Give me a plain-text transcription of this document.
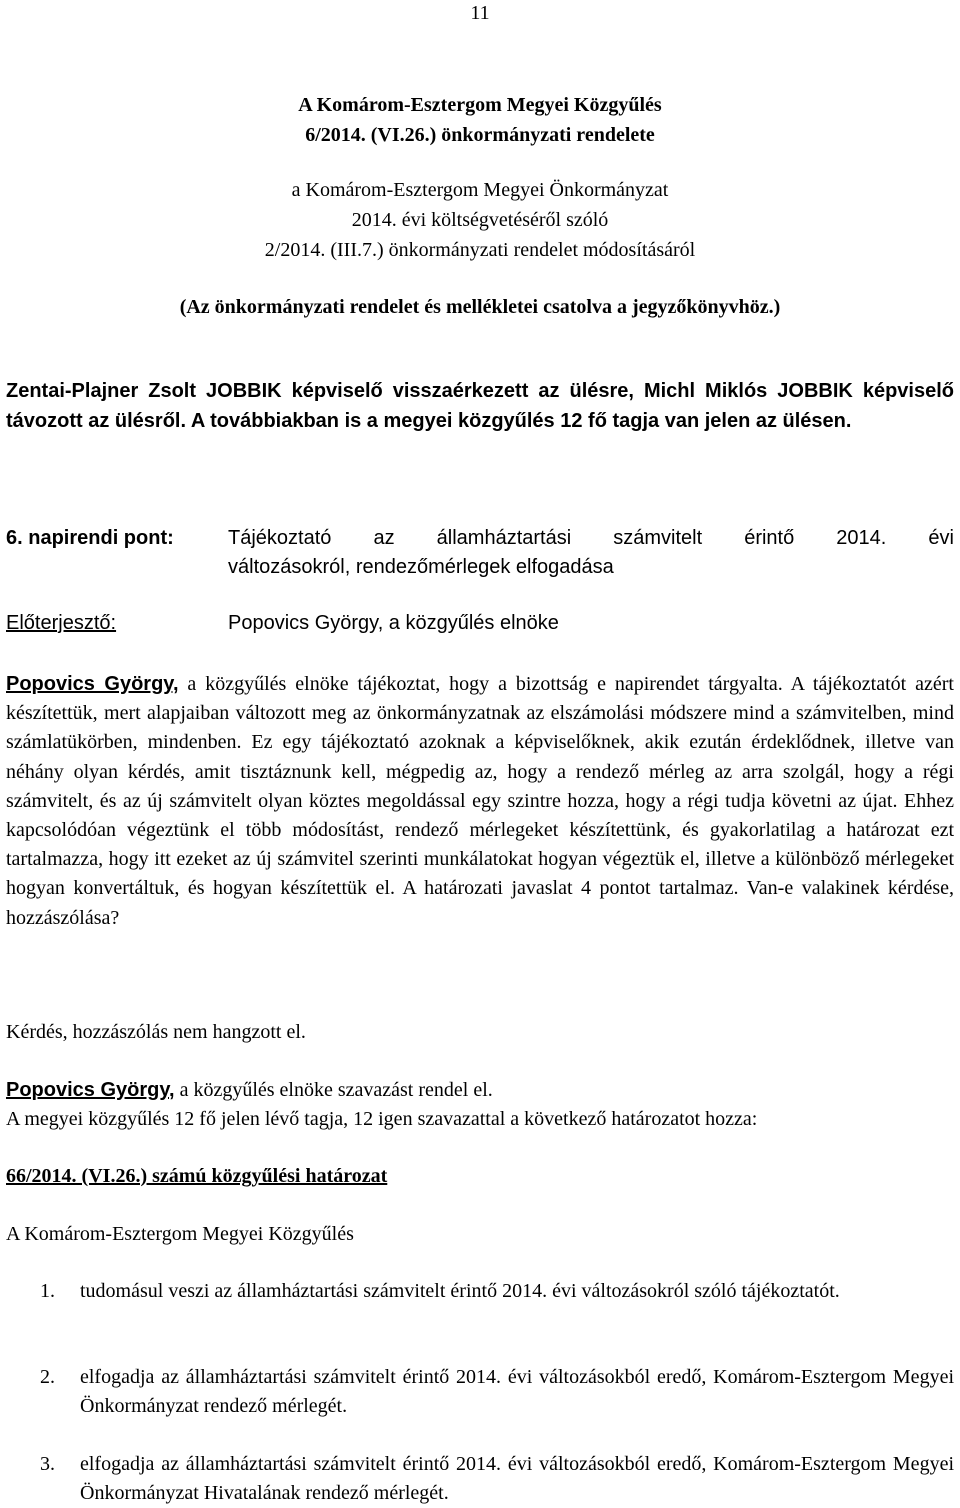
11
A Komárom-Esztergom Megyei Közgyűlés
6/2014. (VI.26.) önkormányzati rendelete
a Komárom-Esztergom Megyei Önkormányzat
2014. évi költségvetéséről szóló
2/2014. (III.7.) önkormányzati rendelet módosításáról
(Az önkormányzati rendelet és mellékletei csatolva a jegyzőkönyvhöz.)
Zentai-Plajner Zsolt JOBBIK képviselő visszaérkezett az ülésre, Michl Miklós JOBBIK képviselő távozott az ülésről. A továbbiakban is a megyei közgyűlés 12 fő tagja van jelen az ülésen.
6. napirendi pont:	Tájékoztató az államháztartási számvitelt érintő 2014. évi
változásokról, rendezőmérlegek elfogadása
Előterjesztő:	Popovics György, a közgyűlés elnöke
Popovics György, a közgyűlés elnöke tájékoztat, hogy a bizottság e napirendet tárgyalta. A tájékoztatót azért készítettük, mert alapjaiban változott meg az önkormányzatnak az elszámolási módszere mind a számvitelben, mind számlatükörben, mindenben. Ez egy tájékoztató azoknak a képviselőknek, akik ezután érdeklődnek, illetve van néhány olyan kérdés, amit tisztáznunk kell, mégpedig az, hogy a rendező mérleg az arra szolgál, hogy a régi számvitelt, és az új számvitelt olyan köztes megoldással egy szintre hozza, hogy a régi tudja követni az újat. Ehhez kapcsolódóan végeztünk el több módosítást, rendező mérlegeket készítettünk, és gyakorlatilag a határozat ezt tartalmazza, hogy itt ezeket az új számvitel szerinti munkálatokat hogyan végeztük el, illetve a különböző mérlegeket hogyan konvertáltuk, és hogyan készítettük el. A határozati javaslat 4 pontot tartalmaz. Van-e valakinek kérdése, hozzászólása?
Kérdés, hozzászólás nem hangzott el.
Popovics György, a közgyűlés elnöke szavazást rendel el.
A megyei közgyűlés 12 fő jelen lévő tagja, 12 igen szavazattal a következő határozatot hozza:
66/2014. (VI.26.) számú közgyűlési határozat
A Komárom-Esztergom Megyei Közgyűlés
1. tudomásul veszi az államháztartási számvitelt érintő 2014. évi változásokról szóló tájékoztatót.
2. elfogadja az államháztartási számvitelt érintő 2014. évi változásokból eredő, Komárom-Esztergom Megyei Önkormányzat rendező mérlegét.
3. elfogadja az államháztartási számvitelt érintő 2014. évi változásokból eredő, Komárom-Esztergom Megyei Önkormányzat Hivatalának rendező mérlegét.
